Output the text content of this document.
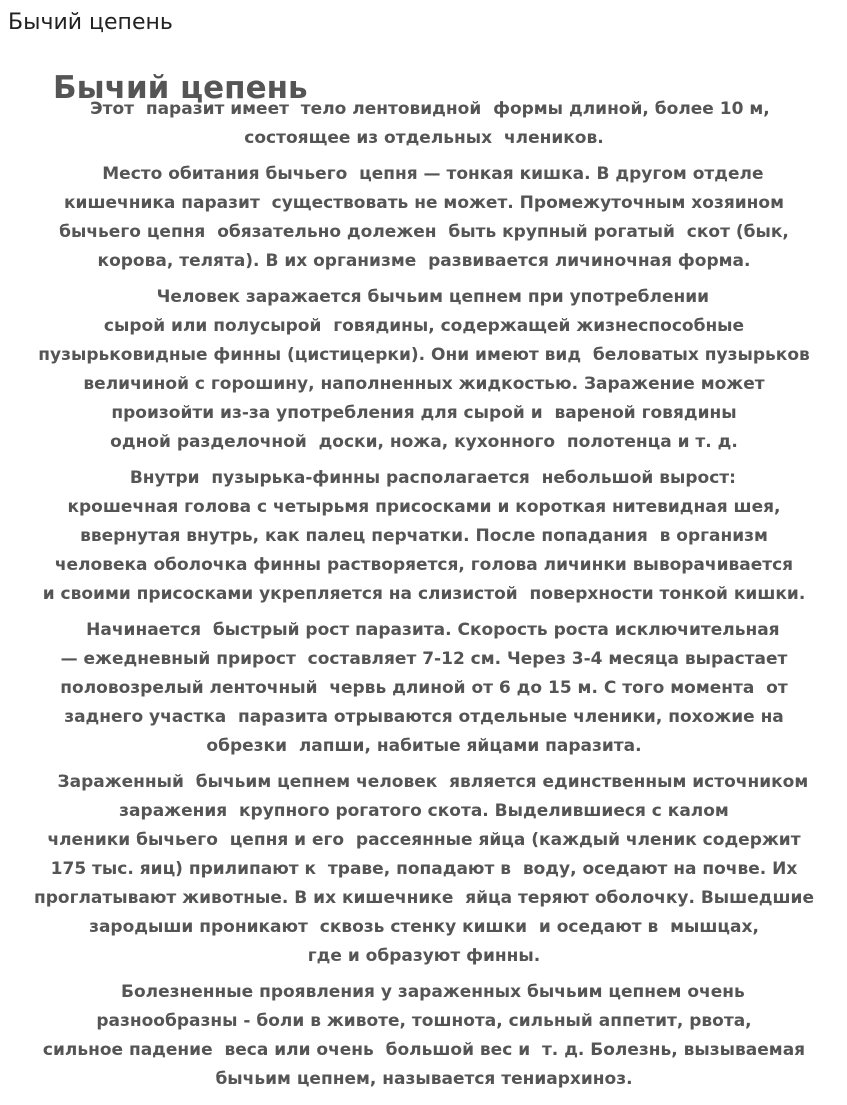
Бычий цепень
Бычий цепень

Этот  паразит имеет  тело лентовидной  формы длиной, более 10 м,
состоящее из отдельных  члеников.

Место обитания бычьего  цепня — тонкая кишка. В другом отделе
кишечника паразит  существовать не может. Промежуточным хозяином
бычьего цепня  обязательно долежен  быть крупный рогатый  скот (бык,
корова, телята). В их организме  развивается личиночная форма.

Человек заражается бычьим цепнем при употреблении
сырой или полусырой  говядины, содержащей жизнеспособные
пузырьковидные финны (цистицерки). Они имеют вид  беловатых пузырьков
величиной с горошину, наполненных жидкостью. Заражение может
произойти из-за употребления для сырой и  вареной говядины
одной разделочной  доски, ножа, кухонного  полотенца и т. д.

Внутри  пузырька-финны располагается  небольшой вырост:
крошечная голова с четырьмя присосками и короткая нитевидная шея,
ввернутая внутрь, как палец перчатки. После попадания  в организм
человека оболочка финны растворяется, голова личинки выворачивается
и своими присосками укрепляется на слизистой  поверхности тонкой кишки.

Начинается  быстрый рост паразита. Скорость роста исключительная
— ежедневный прирост  составляет 7-12 см. Через 3-4 месяца вырастает
половозрелый ленточный  червь длиной от 6 до 15 м. С того момента  от
заднего участка  паразита отрываются отдельные членики, похожие на
обрезки  лапши, набитые яйцами паразита.

Зараженный  бычьим цепнем человек  является единственным источником
заражения  крупного рогатого скота. Выделившиеся с калом
членики бычьего  цепня и его  рассеянные яйца (каждый членик содержит
175 тыс. яиц) прилипают к  траве, попадают в  воду, оседают на почве. Их
проглатывают животные. В их кишечнике  яйца теряют оболочку. Вышедшие
зародыши проникают  сквозь стенку кишки  и оседают в  мышцах,
где и образуют финны.

Болезненные проявления у зараженных бычьим цепнем очень
разнообразны - боли в животе, тошнота, сильный аппетит, рвота,
сильное падение  веса или очень  большой вес и  т. д. Болезнь, вызываемая
бычьим цепнем, называется тениархиноз.
